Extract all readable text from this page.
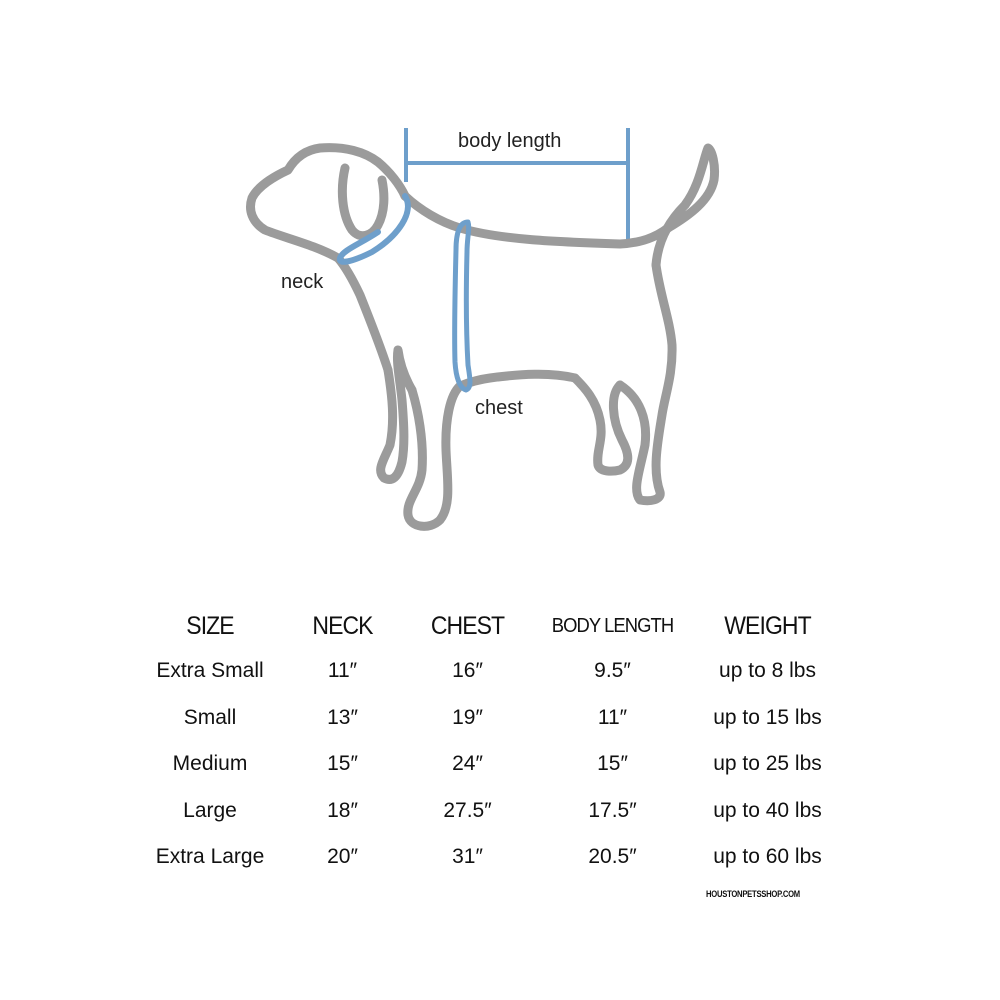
body length
neck
chest
SIZE	NECK	CHEST	BODY LENGTH	WEIGHT
Extra Small	11″	16″	9.5″	up to 8 lbs
Small	13″	19″	11″	up to 15 lbs
Medium	15″	24″	15″	up to 25 lbs
Large	18″	27.5″	17.5″	up to 40 lbs
Extra Large	20″	31″	20.5″	up to 60 lbs
HOUSTONPETSSHOP.COM
